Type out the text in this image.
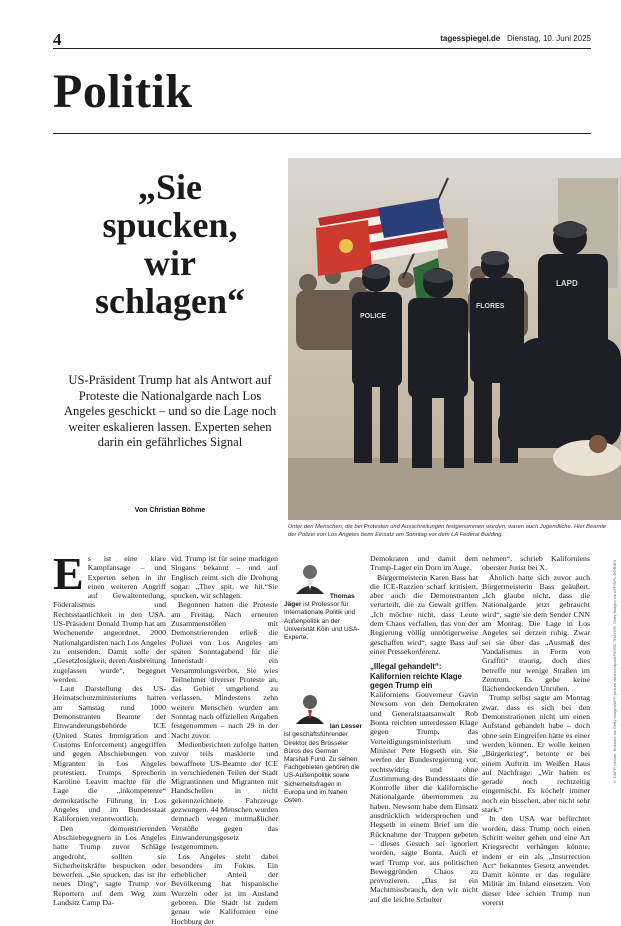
4	tagesspiegel.de Dienstag, 10. Juni 2025
Politik
„Sie
spucken,
wir
schlagen“

US-Präsident Trump hat als Antwort auf Proteste die Nationalgarde nach Los Angeles geschickt – und so die Lage noch weiter eskalieren lassen. Experten sehen darin ein gefährliches Signal

Von Christian Böhme

POLICE
FLORES
LAPD

Unter den Menschen, die bei Protesten und Ausschreitungen festgenommen wurden, waren auch Jugendliche. Hier Beamte der Polizei von Los Angeles beim Einsatz am Sonntag vor dem LA Federal Building.

© DAPP, picture, Robinho via Getty Images/AFP, picture alliance/dpa/AP/ERIC THAYER, Getty Images via AFP/SPL-DORIES

Es ist eine klare Kampfansage – und Experten sehen in ihr einen weiteren Angriff auf Gewaltenteilung, Föderalismus und Rechtsstaatlichkeit in den USA. US-Präsident Donald Trump hat am Wochenende angeordnet, 2000 Nationalgardisten nach Los Angeles zu entsenden. Damit solle der „Gesetzlosigkeit, deren Ausbreitung zugelassen wurde“, begegnet werden.

Laut Darstellung des US-Heimatschutzministeriums hatten am Samstag rund 1000 Demonstranten Beamte der Einwanderungsbehörde ICE (United States Immigration and Customs Enforcement) angegriffen und gegen Abschiebungen von Migranten in Los Angeles protestiert. Trumps Sprecherin Karoline Leavitt machte für die Lage die „inkompetente“ demokratische Führung in Los Angeles und im Bundesstaat Kalifornien verantwortlich.

Den demonstrierenden Abschiebegegnern in Los Angeles hatte Trump zuvor Schläge angedroht, sollten sie Sicherheitskräfte bespucken oder bewerfen. „Sie spucken, das ist ihr neues Ding“, sagte Trump vor Reportern auf dem Weg zum Landsitz Camp Da-

vid. Trump ist für seine markigen Slogans bekannt – und auf Englisch reimt sich die Drohung sogar: „They spit, we hit.“Sie spucken, wir schlagen.

Begonnen hatten die Proteste am Freitag. Nach erneuten Zusammenstößen mit Demonstrierenden erließ die Polizei von Los Angeles am späten Sonntagabend für die Innenstadt ein Versammlungsverbot. Sie wies Teilnehmer diverser Proteste an, das Gebiet umgehend zu verlassen. Mindestens zehn weitere Menschen wurden am Sonntag nach offiziellen Angaben festgenommen – nach 29 in der Nacht zuvor.

Medienberichten zufolge hatten zuvor teils maskierte und bewaffnete US-Beamte der ICE in verschiedenen Teilen der Stadt Migrantinnen und Migranten mit Handschellen in nicht gekennzeichnete Fahrzeuge gezwungen. 44 Menschen wurden demnach wegen mutmaßlicher Verstöße gegen das Einwanderungsgesetz festgenommen.

Los Angeles steht dabei besonders im Fokus. Ein erheblicher Anteil der Bevölkerung hat hispanische Wurzeln oder ist im Ausland geboren. Die Stadt ist zudem genau wie Kalifornien eine Hochburg der

Thomas Jäger ist Professor für Internationale Politik und Außenpolitik an der Universität Köln und USA-Experte.
Ian Lesser ist geschäftsführender Direktor des Brüsseler Büros des German Marshall Fund. Zu seinen Fachgebieten gehören die US-Außenpolitik sowie Sicherheitsfragen in Europa und im Nahen Osten.

Demokraten und damit dem Trump-Lager ein Dorn im Auge.

Bürgermeisterin Karen Bass hat die ICE-Razzien scharf kritisiert, aber auch die Demonstranten verurteilt, die zu Gewalt griffen. „Ich möchte nicht, dass Leute dem Chaos verfallen, das von der Regierung völlig unnötigerweise geschaffen wird“, sagte Bass auf einer Pressekonferenz.

„Illegal gehandelt“: Kalifornien reichte Klage gegen Trump ein

Kaliforniens Gouverneur Gavin Newsom von den Demokraten und Generalstaatsanwalt Rob Bonta reichten unterdessen Klage gegen Trump, das Verteidigungsministerium und Minister Pete Hegseth ein. Sie werfen der Bundesregierung vor, rechtswidrig und ohne Zustimmung des Bundesstaats die Kontrolle über die kalifornische Nationalgarde übernommen zu haben. Newsom habe dem Einsatz ausdrücklich widersprochen und Hegseth in einem Brief um die Rücknahme der Truppen gebeten – dieses Gesuch sei ignoriert worden, sagte Bonta. Auch er warf Trump vor, aus politischen Beweggründen Chaos zu provozieren. „Das ist ein Machtmissbrauch, den wir nicht auf die leichte Schulter

nehmen“, schrieb Kaliforniens oberster Jurist bei X.

Ähnlich hatte sich zuvor auch Bürgermeisterin Bass geäußert. „Ich glaube nicht, dass die Nationalgarde jetzt gebraucht wird“, sagte sie dem Sender CNN am Montag. Die Lage in Los Angeles sei derzeit ruhig. Zwar sei sie über das „Ausmaß des Vandalismus in Form von Graffiti“ traurig, doch dies betreffe nur wenige Straßen im Zentrum. Es gebe keine flächendeckenden Unruhen.

Trump selbst sagte am Montag zwar, dass es sich bei den Demonstrationen nicht um einen Aufstand gehandelt habe – doch ohne sein Eingreifen hätte es einer werden können. Er wolle keinen „Bürgerkrieg“, betonte er bei einem Auftritt im Weißen Haus auf Nachfrage: „Wir haben es gerade noch rechtzeitig eingemischt. Es köchelt immer noch ein bisschen, aber nicht sehr stark.“

In den USA war befürchtet worden, dass Trump noch einen Schritt weiter gehen und eine Art Kriegsrecht verhängen könnte, indem er ein als „Insurrection Act“ bekanntes Gesetz anwendet. Damit könnte er das reguläre Militär im Inland einsetzen. Von dieser Idee schien Trump nun vorerst
